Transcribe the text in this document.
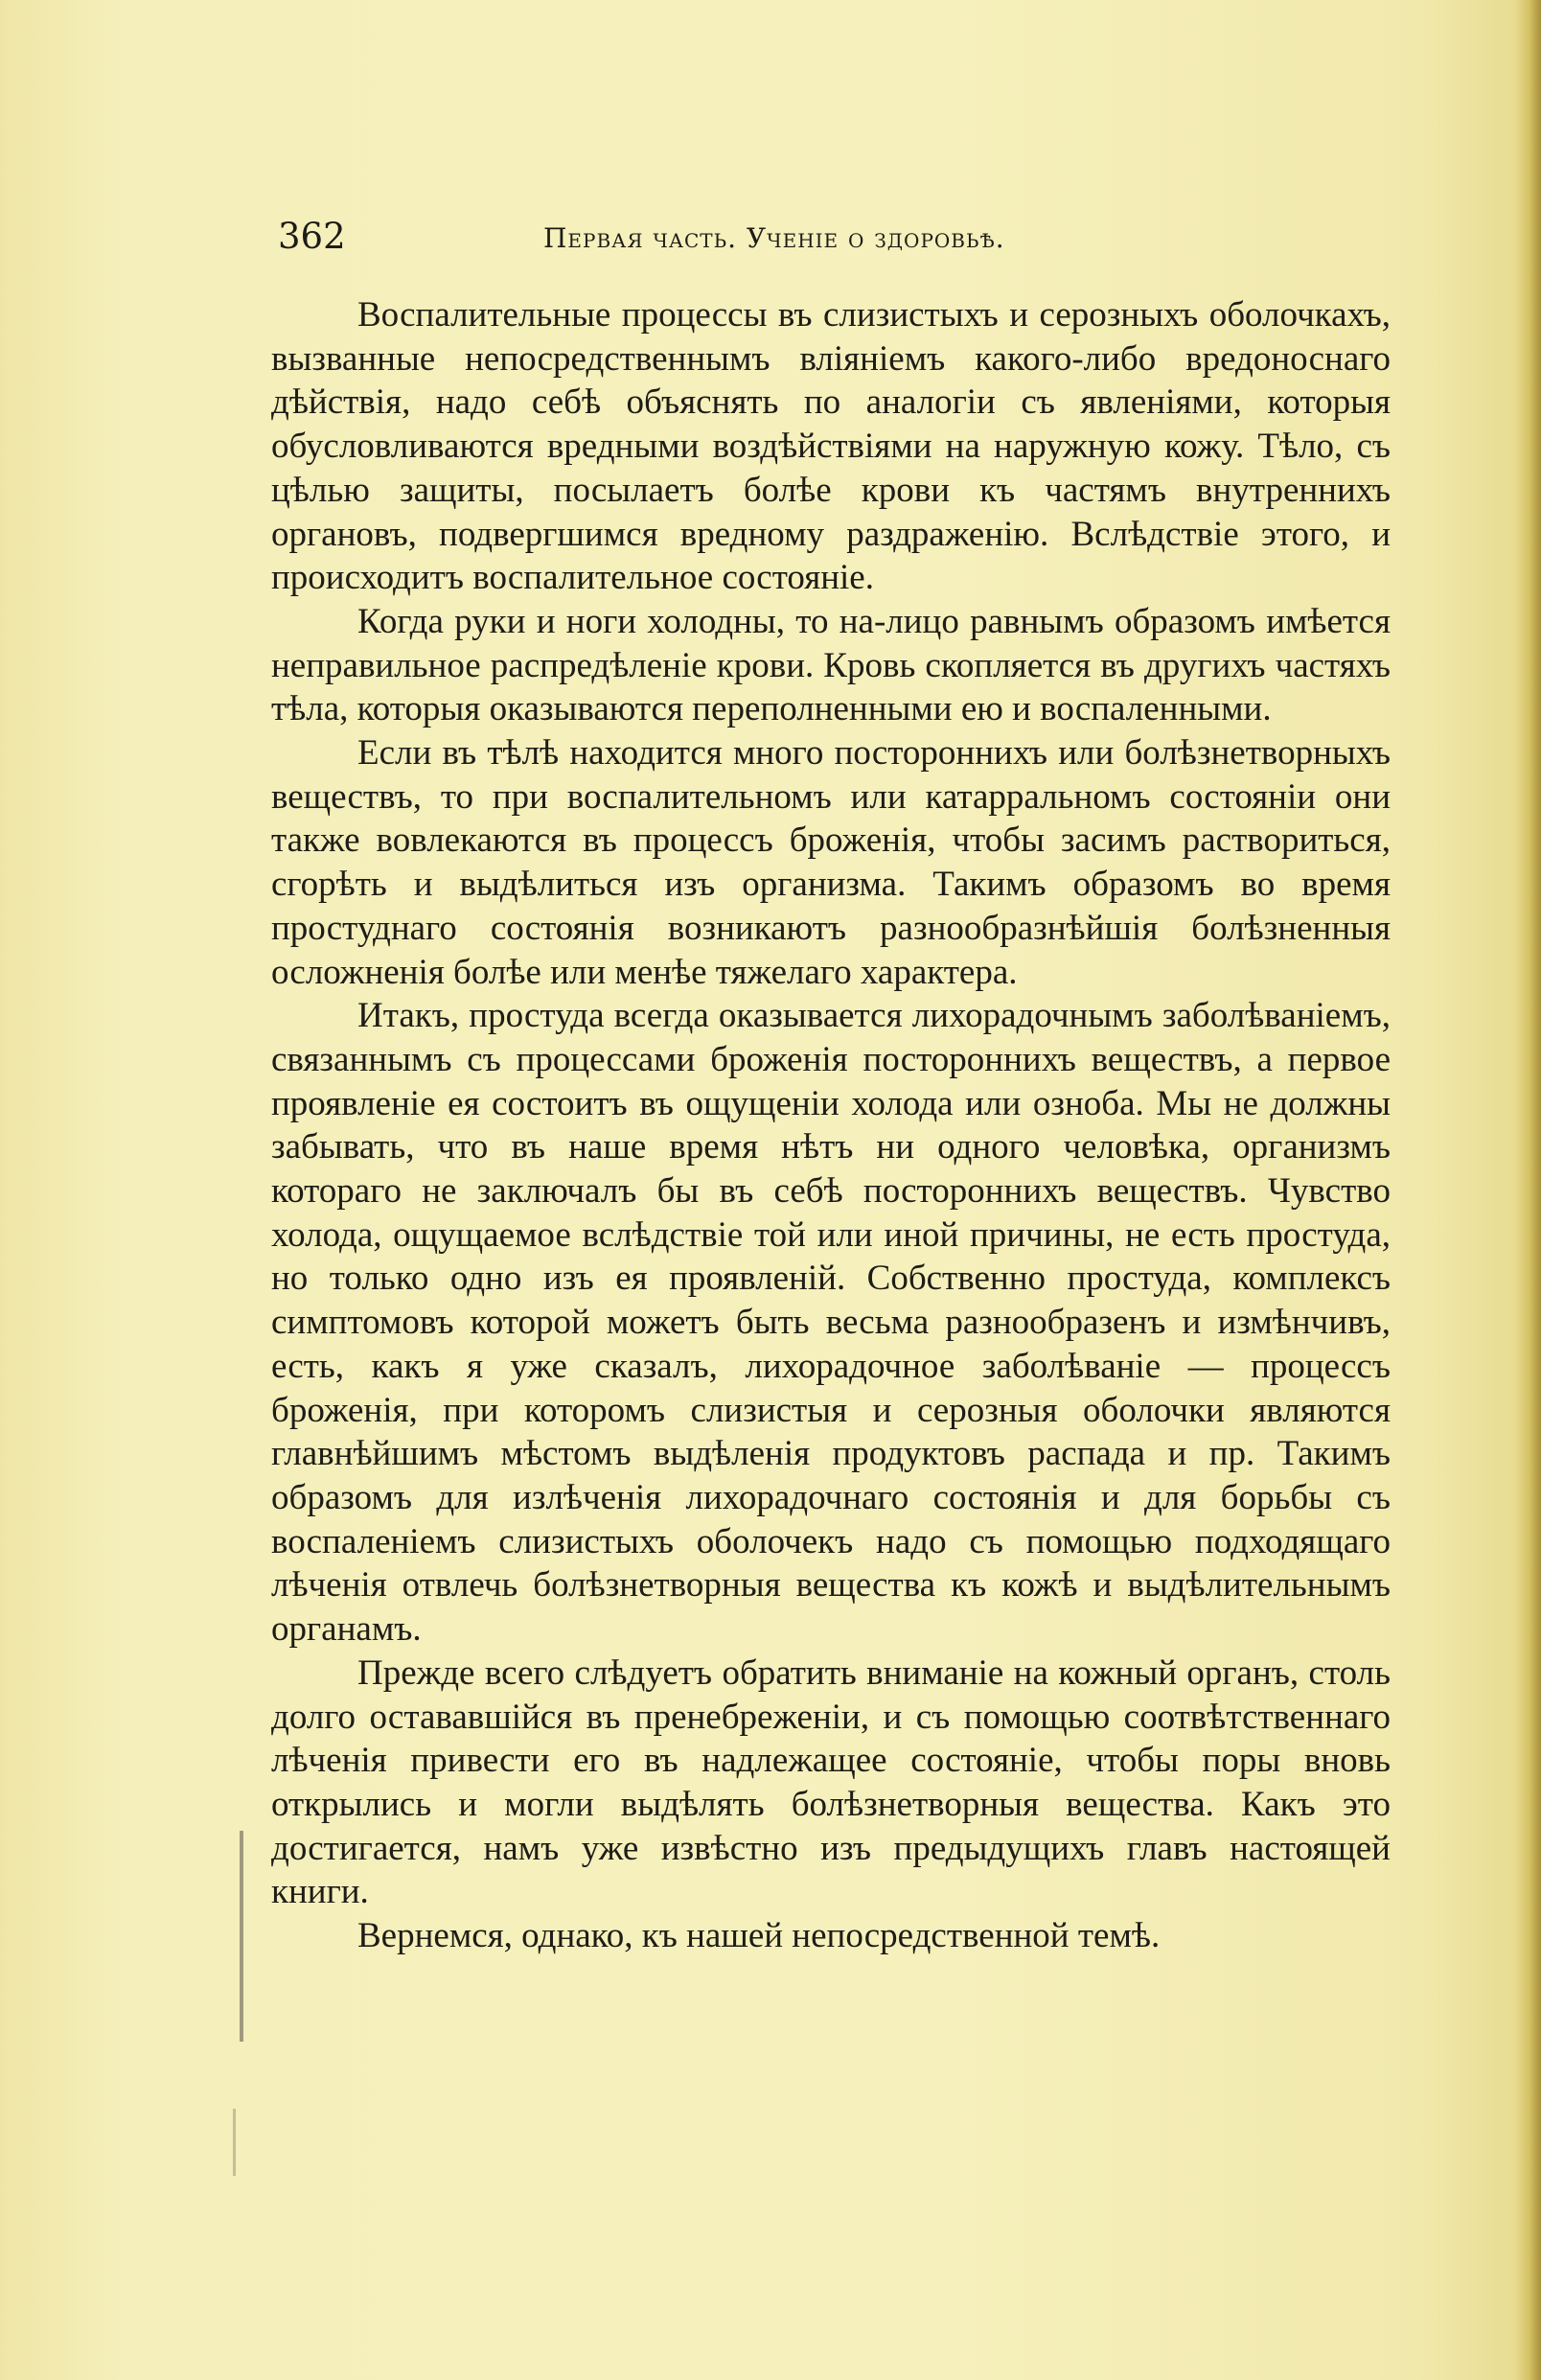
362	Первая часть. Ученіе о здоровьѣ.

Воспалительные процессы въ слизистыхъ и серозныхъ оболочкахъ, вызванные непосредственнымъ вліяніемъ какого-либо вредоноснаго дѣйствія, надо себѣ объяснять по аналогіи съ явленіями, которыя обусловливаются вредными воздѣйствіями на наружную кожу. Тѣло, съ цѣлью защиты, посылаетъ болѣе крови къ частямъ внутреннихъ органовъ, подвергшимся вредному раздраженію. Вслѣдствіе этого, и происходитъ воспалительное состояніе.

Когда руки и ноги холодны, то на-лицо равнымъ образомъ имѣется неправильное распредѣленіе крови. Кровь скопляется въ другихъ частяхъ тѣла, которыя оказываются переполненными ею и воспаленными.

Если въ тѣлѣ находится много постороннихъ или болѣзнетворныхъ веществъ, то при воспалительномъ или катарральномъ состояніи они также вовлекаются въ процессъ броженія, чтобы засимъ раствориться, сгорѣть и выдѣлиться изъ организма. Такимъ образомъ во время простуднаго состоянія возникаютъ разнообразнѣйшія болѣзненныя осложненія болѣе или менѣе тяжелаго характера.

Итакъ, простуда всегда оказывается лихорадочнымъ заболѣваніемъ, связаннымъ съ процессами броженія постороннихъ веществъ, а первое проявленіе ея состоитъ въ ощущеніи холода или озноба. Мы не должны забывать, что въ наше время нѣтъ ни одного человѣка, организмъ котораго не заключалъ бы въ себѣ постороннихъ веществъ. Чувство холода, ощущаемое вслѣдствіе той или иной причины, не есть простуда, но только одно изъ ея проявленій. Собственно простуда, комплексъ симптомовъ которой можетъ быть весьма разнообразенъ и измѣнчивъ, есть, какъ я уже сказалъ, лихорадочное заболѣваніе — процессъ броженія, при которомъ слизистыя и серозныя оболочки являются главнѣйшимъ мѣстомъ выдѣленія продуктовъ распада и пр. Такимъ образомъ для излѣченія лихорадочнаго состоянія и для борьбы съ воспаленіемъ слизистыхъ оболочекъ надо съ помощью подходящаго лѣченія отвлечь болѣзнетворныя вещества къ кожѣ и выдѣлительнымъ органамъ.

Прежде всего слѣдуетъ обратить вниманіе на кожный органъ, столь долго остававшійся въ пренебреженіи, и съ помощью соотвѣтственнаго лѣченія привести его въ надлежащее состояніе, чтобы поры вновь открылись и могли выдѣлять болѣзнетворныя вещества. Какъ это достигается, намъ уже извѣстно изъ предыдущихъ главъ настоящей книги.

Вернемся, однако, къ нашей непосредственной темѣ.
